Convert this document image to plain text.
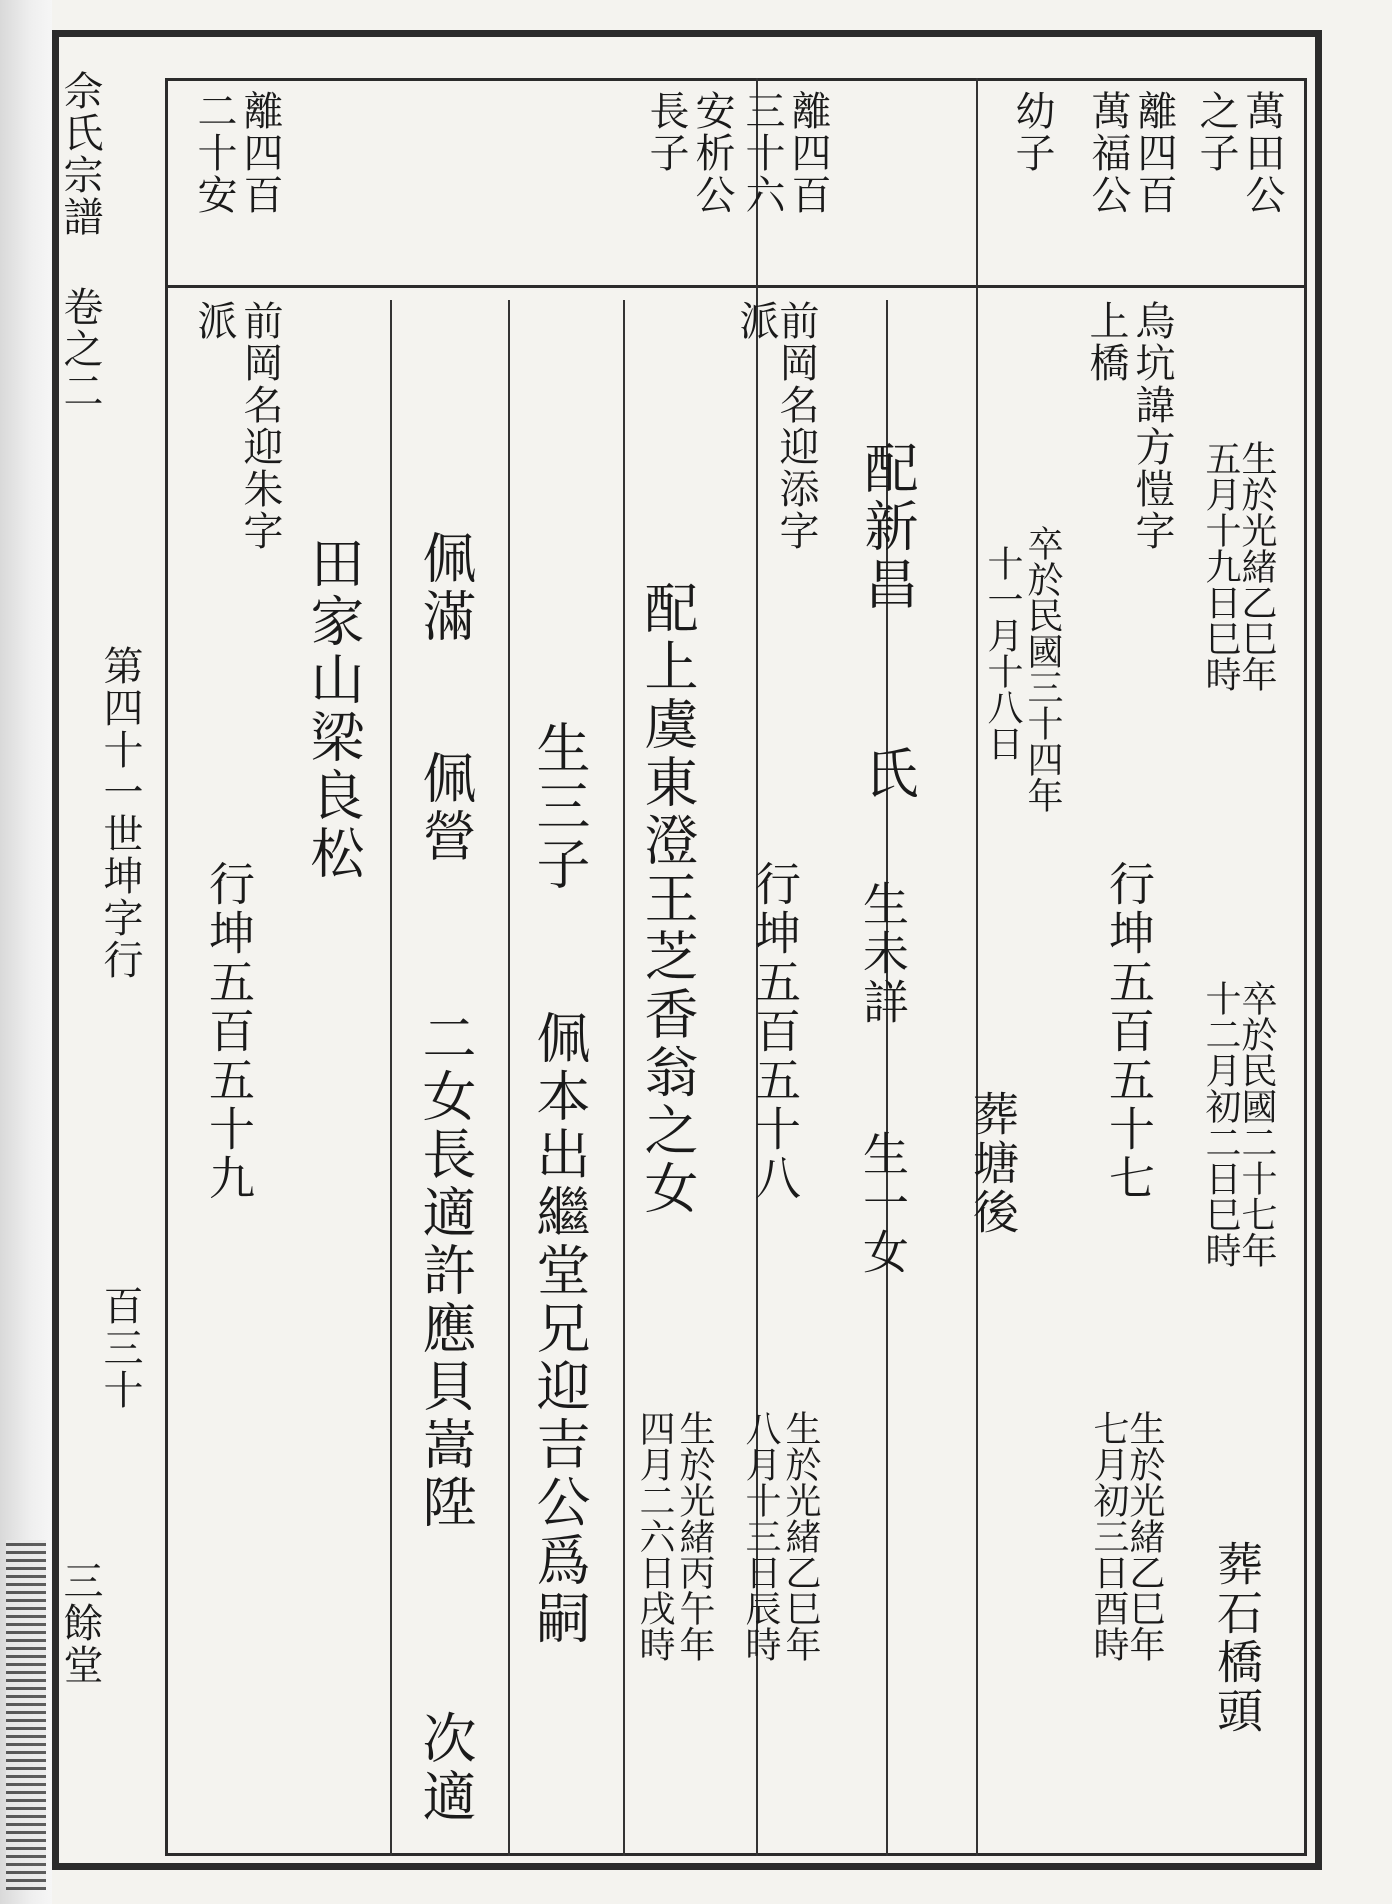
佘氏宗譜 卷之二
第四十一世坤字行
百三十
三餘堂
萬田公
之子
離四百
萬福公
幼子
離四百
三十六
安析公
長子
離四百
二十安
生於光緒乙巳年
五月十九日巳時
卒於民國二十七年
十二月初二日巳時
葬石橋頭
烏坑諱方愷字
上橋
行坤五百五十七
生於光緒乙巳年
七月初三日酉時
卒於民國三十四年
十一月十八日
葬塘後
配新昌
氏
生未詳
生一女
前岡名迎添字
派
行坤五百五十八
生於光緒乙巳年
八月十三日辰時
配上虞東澄王芝香翁之女
生於光緒丙午年
四月二六日戌時
生三子
佩本出繼堂兄迎吉公爲嗣
佩滿
佩營
二女長適許應貝嵩陞
次適
田家山梁良松
前岡名迎朱字
派
行坤五百五十九
